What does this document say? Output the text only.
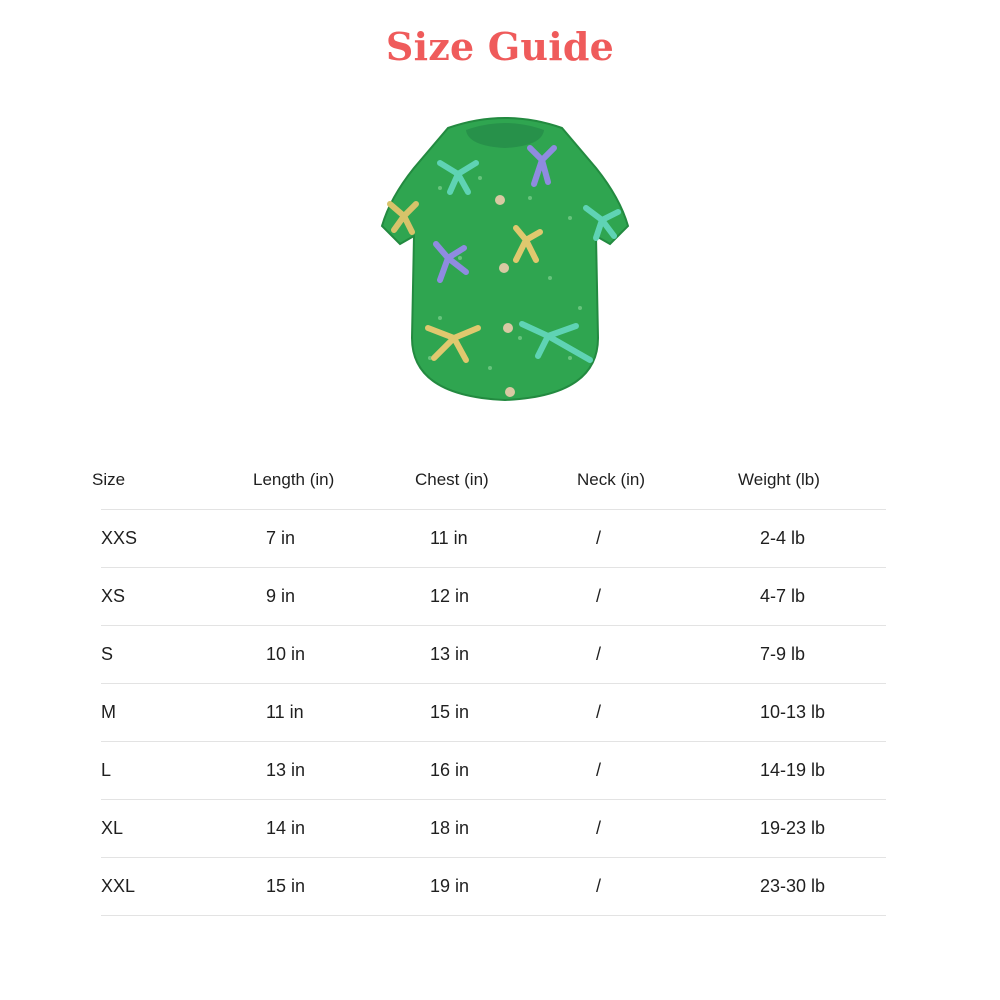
Size Guide
Size	Length (in)	Chest (in)	Neck (in)	Weight (lb)
XXS	7 in	11 in	/	2-4 lb
XS	9 in	12 in	/	4-7 lb
S	10 in	13 in	/	7-9 lb
M	11 in	15 in	/	10-13 lb
L	13 in	16 in	/	14-19 lb
XL	14 in	18 in	/	19-23 lb
XXL	15 in	19 in	/	23-30 lb
